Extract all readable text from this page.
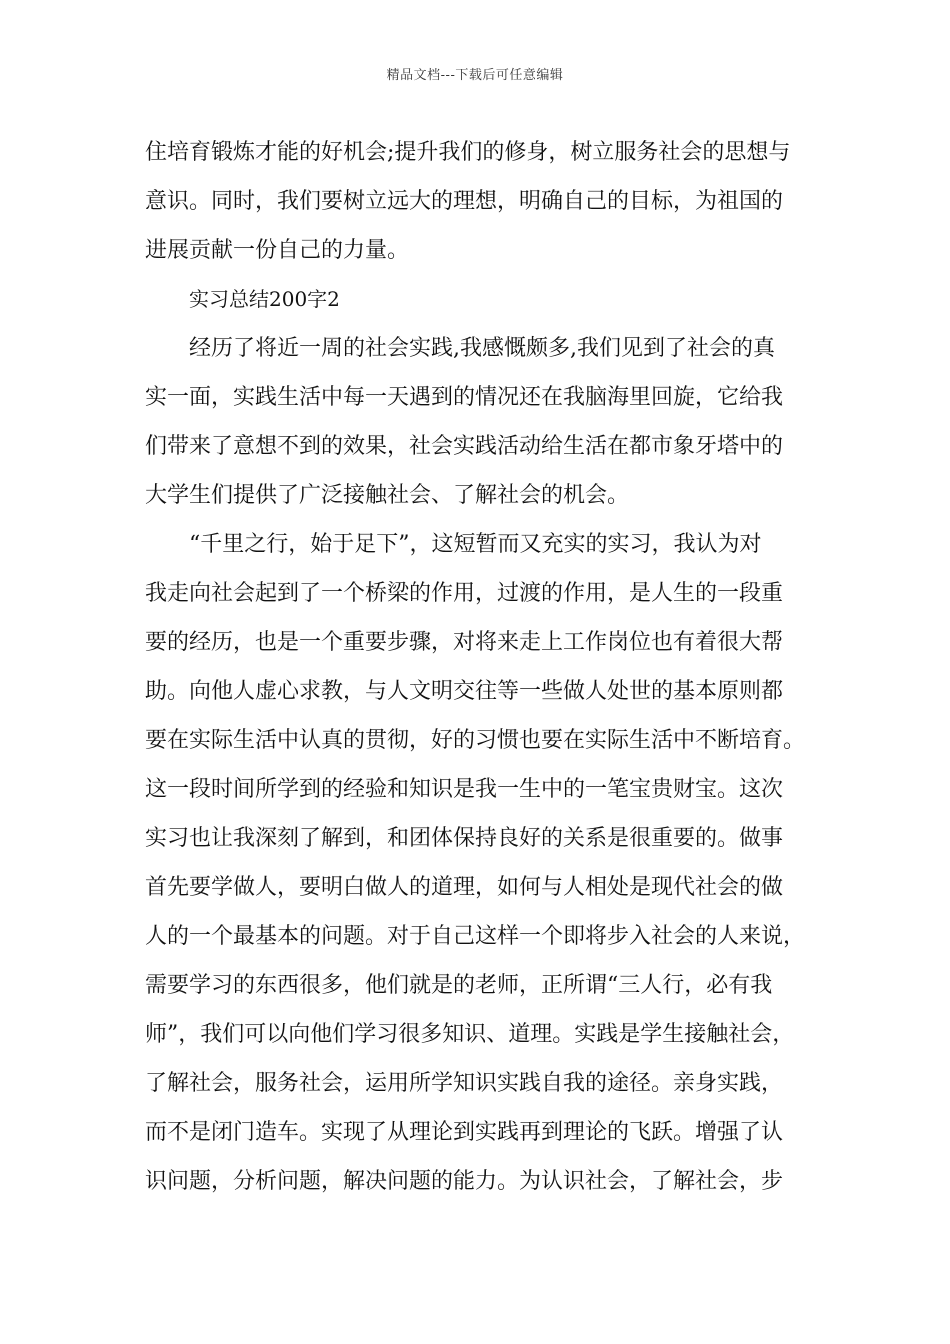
精品文档---下载后可任意编辑
住培育锻炼才能的好机会;提升我们的修身，树立服务社会的思想与
意识。同时，我们要树立远大的理想，明确自己的目标，为祖国的
进展贡献一份自己的力量。
实习总结200字2
经历了将近一周的社会实践,我感慨颇多,我们见到了社会的真
实一面，实践生活中每一天遇到的情况还在我脑海里回旋，它给我
们带来了意想不到的效果，社会实践活动给生活在都市象牙塔中的
大学生们提供了广泛接触社会、了解社会的机会。
“千里之行，始于足下”，这短暂而又充实的实习，我认为对
我走向社会起到了一个桥梁的作用，过渡的作用，是人生的一段重
要的经历，也是一个重要步骤，对将来走上工作岗位也有着很大帮
助。向他人虚心求教，与人文明交往等一些做人处世的基本原则都
要在实际生活中认真的贯彻，好的习惯也要在实际生活中不断培育。
这一段时间所学到的经验和知识是我一生中的一笔宝贵财宝。这次
实习也让我深刻了解到，和团体保持良好的关系是很重要的。做事
首先要学做人，要明白做人的道理，如何与人相处是现代社会的做
人的一个最基本的问题。对于自己这样一个即将步入社会的人来说，
需要学习的东西很多，他们就是的老师，正所谓“三人行，必有我
师”，我们可以向他们学习很多知识、道理。实践是学生接触社会，
了解社会，服务社会，运用所学知识实践自我的途径。亲身实践，
而不是闭门造车。实现了从理论到实践再到理论的飞跃。增强了认
识问题，分析问题，解决问题的能力。为认识社会，了解社会，步
